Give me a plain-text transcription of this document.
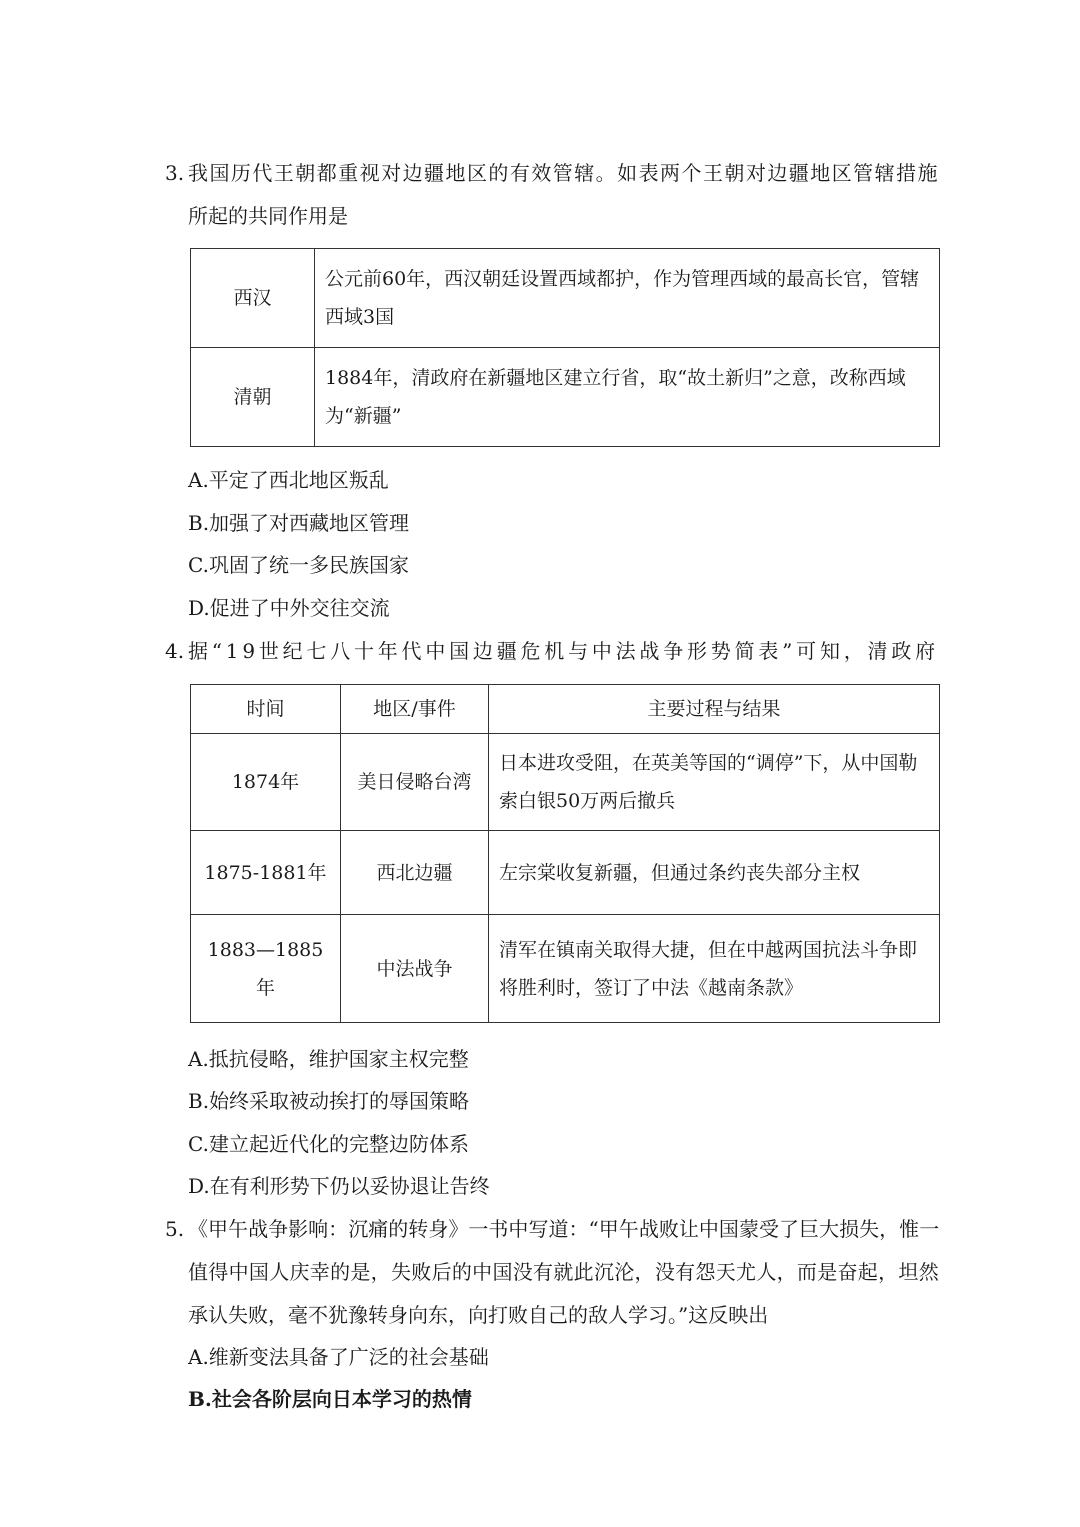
3. 我国历代王朝都重视对边疆地区的有效管辖。如表两个王朝对边疆地区管辖措施
所起的共同作用是
西汉	公元前60年，西汉朝廷设置西域都护，作为管理西域的最高长官，管辖西域3国
清朝	1884年，清政府在新疆地区建立行省，取“故土新归”之意，改称西域为“新疆”
A.平定了西北地区叛乱
B.加强了对西藏地区管理
C.巩固了统一多民族国家
D.促进了中外交往交流
4. 据“19世纪七八十年代中国边疆危机与中法战争形势简表”可知，清政府
时间	地区/事件	主要过程与结果
1874年	美日侵略台湾	日本进攻受阻，在英美等国的“调停”下，从中国勒索白银50万两后撤兵
1875-1881年	西北边疆	左宗棠收复新疆，但通过条约丧失部分主权
1883—1885年	中法战争	清军在镇南关取得大捷，但在中越两国抗法斗争即将胜利时，签订了中法《越南条款》
A.抵抗侵略，维护国家主权完整
B.始终采取被动挨打的辱国策略
C.建立起近代化的完整边防体系
D.在有利形势下仍以妥协退让告终
5. 《甲午战争影响：沉痛的转身》一书中写道：“甲午战败让中国蒙受了巨大损失，惟一
值得中国人庆幸的是，失败后的中国没有就此沉沦，没有怨天尤人，而是奋起，坦然
承认失败，毫不犹豫转身向东，向打败自己的敌人学习。”这反映出
A.维新变法具备了广泛的社会基础
B.社会各阶层向日本学习的热情
